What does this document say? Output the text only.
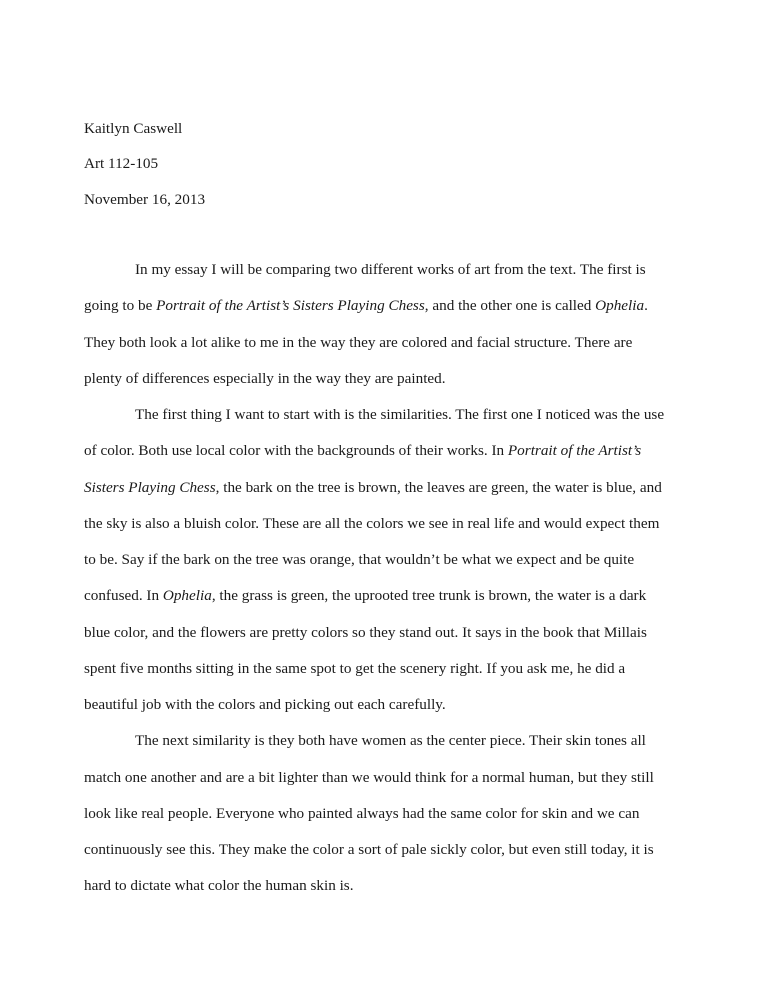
Kaitlyn Caswell
Art 112-105
November 16, 2013
In my essay I will be comparing two different works of art from the text. The first is
going to be Portrait of the Artist’s Sisters Playing Chess, and the other one is called Ophelia.
They both look a lot alike to me in the way they are colored and facial structure. There are
plenty of differences especially in the way they are painted.
The first thing I want to start with is the similarities. The first one I noticed was the use
of color. Both use local color with the backgrounds of their works. In Portrait of the Artist’s
Sisters Playing Chess, the bark on the tree is brown, the leaves are green, the water is blue, and
the sky is also a bluish color. These are all the colors we see in real life and would expect them
to be. Say if the bark on the tree was orange, that wouldn’t be what we expect and be quite
confused. In Ophelia, the grass is green, the uprooted tree trunk is brown, the water is a dark
blue color, and the flowers are pretty colors so they stand out. It says in the book that Millais
spent five months sitting in the same spot to get the scenery right. If you ask me, he did a
beautiful job with the colors and picking out each carefully.
The next similarity is they both have women as the center piece. Their skin tones all
match one another and are a bit lighter than we would think for a normal human, but they still
look like real people. Everyone who painted always had the same color for skin and we can
continuously see this. They make the color a sort of pale sickly color, but even still today, it is
hard to dictate what color the human skin is.
